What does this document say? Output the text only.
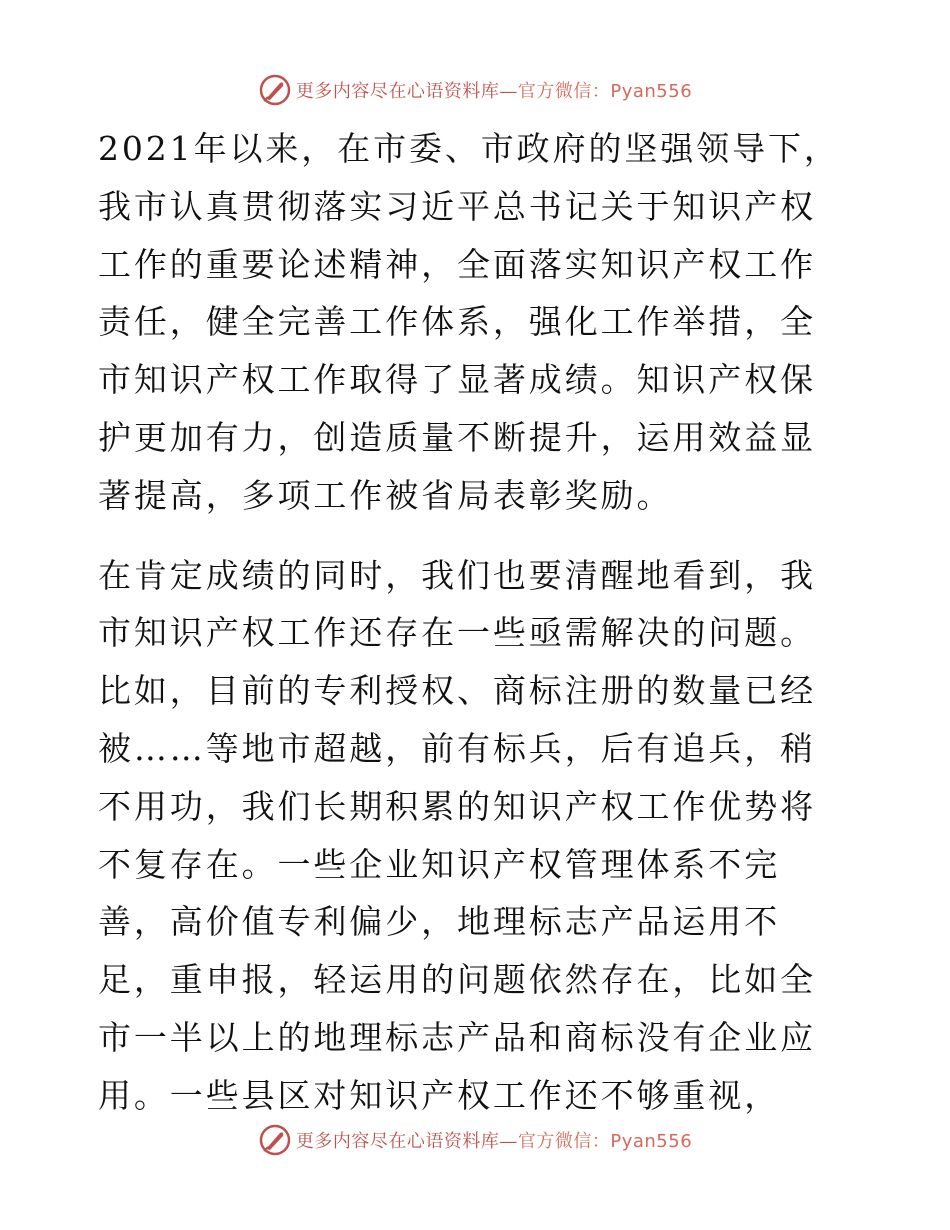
更多内容尽在心语资料库—官方微信：Pyan556

2021年以来，在市委、市政府的坚强领导下，我市认真贯彻落实习近平总书记关于知识产权工作的重要论述精神，全面落实知识产权工作责任，健全完善工作体系，强化工作举措，全市知识产权工作取得了显著成绩。知识产权保护更加有力，创造质量不断提升，运用效益显著提高，多项工作被省局表彰奖励。

在肯定成绩的同时，我们也要清醒地看到，我市知识产权工作还存在一些亟需解决的问题。比如，目前的专利授权、商标注册的数量已经被……等地市超越，前有标兵，后有追兵，稍不用功，我们长期积累的知识产权工作优势将不复存在。一些企业知识产权管理体系不完善，高价值专利偏少，地理标志产品运用不足，重申报，轻运用的问题依然存在，比如全市一半以上的地理标志产品和商标没有企业应用。一些县区对知识产权工作还不够重视，

更多内容尽在心语资料库—官方微信：Pyan556
